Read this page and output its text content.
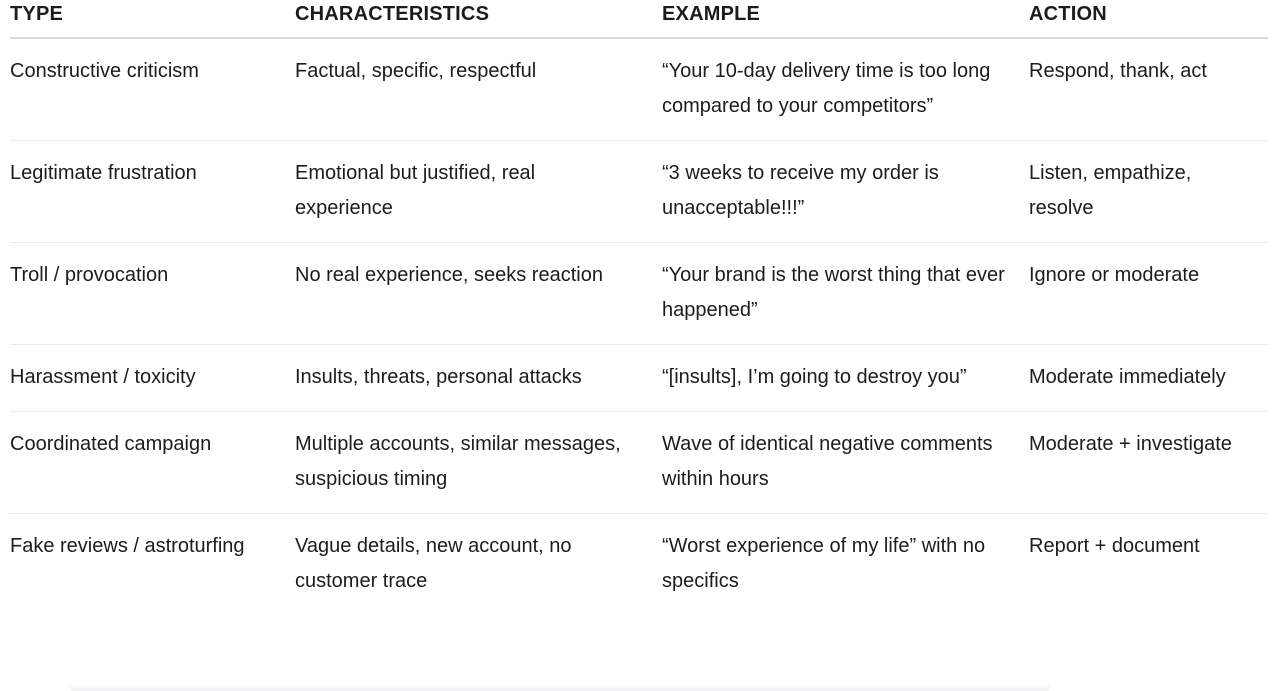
TYPE	CHARACTERISTICS	EXAMPLE	ACTION
Constructive criticism	Factual, specific, respectful	“Your 10-day delivery time is too long compared to your competitors”	Respond, thank, act
Legitimate frustration	Emotional but justified, real experience	“3 weeks to receive my order is unacceptable!!!”	Listen, empathize, resolve
Troll / provocation	No real experience, seeks reaction	“Your brand is the worst thing that ever happened”	Ignore or moderate
Harassment / toxicity	Insults, threats, personal attacks	“[insults], I’m going to destroy you”	Moderate immediately
Coordinated campaign	Multiple accounts, similar messages, suspicious timing	Wave of identical negative comments within hours	Moderate + investigate
Fake reviews / astroturfing	Vague details, new account, no customer trace	“Worst experience of my life” with no specifics	Report + document
